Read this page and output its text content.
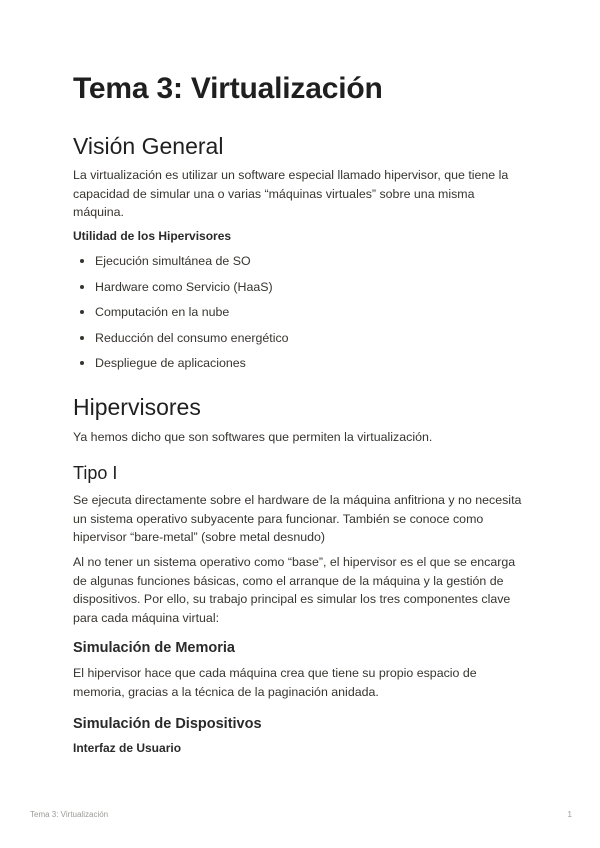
Tema 3: Virtualización
Visión General

La virtualización es utilizar un software especial llamado hipervisor, que tiene la capacidad de simular una o varias “máquinas virtuales” sobre una misma máquina.

Utilidad de los Hipervisores
Ejecución simultánea de SO
Hardware como Servicio (HaaS)
Computación en la nube
Reducción del consumo energético
Despliegue de aplicaciones
Hipervisores

Ya hemos dicho que son softwares que permiten la virtualización.

Tipo I

Se ejecuta directamente sobre el hardware de la máquina anfitriona y no necesita un sistema operativo subyacente para funcionar. También se conoce como hipervisor “bare-metal” (sobre metal desnudo)

Al no tener un sistema operativo como “base”, el hipervisor es el que se encarga de algunas funciones básicas, como el arranque de la máquina y la gestión de dispositivos. Por ello, su trabajo principal es simular los tres componentes clave para cada máquina virtual:

Simulación de Memoria

El hipervisor hace que cada máquina crea que tiene su propio espacio de memoria, gracias a la técnica de la paginación anidada.

Simulación de Dispositivos
Interfaz de Usuario
Tema 3: Virtualización	1
